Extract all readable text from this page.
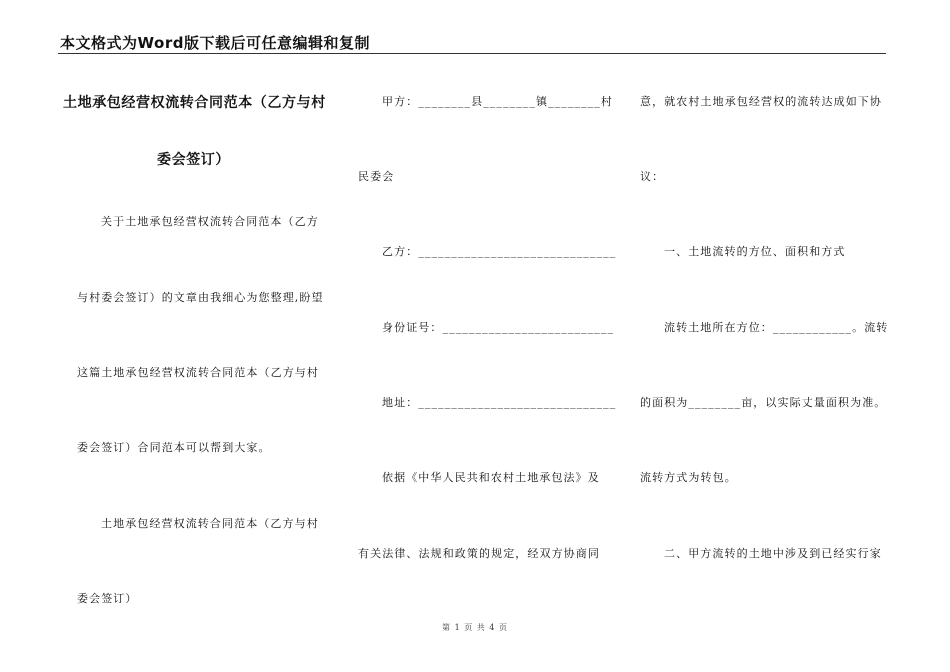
本文格式为Word版下载后可任意编辑和复制
土地承包经营权流转合同范本（乙方与村
委会签订）
关于土地承包经营权流转合同范本（乙方
与村委会签订）的文章由我细心为您整理,盼望
这篇土地承包经营权流转合同范本（乙方与村
委会签订）合同范本可以帮到大家。
土地承包经营权流转合同范本（乙方与村
委会签订）
甲方：________县________镇________村
民委会
乙方：______________________________
身份证号：__________________________
地址：______________________________
依据《中华人民共和农村土地承包法》及
有关法律、法规和政策的规定，经双方协商同
意，就农村土地承包经营权的流转达成如下协
议：
一、土地流转的方位、面积和方式
流转土地所在方位：____________。流转
的面积为________亩，以实际丈量面积为准。
流转方式为转包。
二、甲方流转的土地中涉及到已经实行家
第 1 页 共 4 页
